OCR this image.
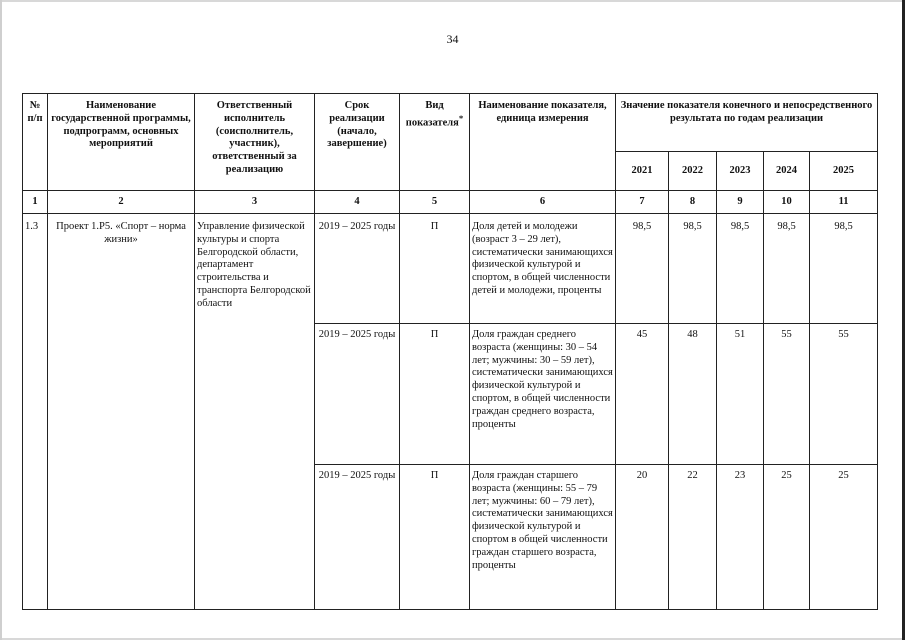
34
№ п/п	Наименование государственной программы, подпрограмм, основных мероприятий	Ответственный исполнитель (соисполнитель, участник), ответственный за реализацию	Срок реализации (начало, завершение)	Вид показателя*	Наименование показателя, единица измерения	Значение показателя конечного и непосредственного результата по годам реализации				
						2021	2022	2023	2024	2025
1	2	3	4	5	6	7	8	9	10	11
1.3	Проект 1.Р5. «Спорт – норма жизни»	Управление физической культуры и спорта Белгородской области, департамент строительства и транспорта Белгородской области	2019 – 2025 годы	П	Доля детей и молодежи (возраст 3 – 29 лет), систематически занимающихся физической культурой и спортом, в общей численности детей и молодежи, проценты	98,5	98,5	98,5	98,5	98,5
			2019 – 2025 годы	П	Доля граждан среднего возраста (женщины: 30 – 54 лет; мужчины: 30 – 59 лет), систематически занимающихся физической культурой и спортом, в общей численности граждан среднего возраста, проценты	45	48	51	55	55
			2019 – 2025 годы	П	Доля граждан старшего возраста (женщины: 55 – 79 лет; мужчины: 60 – 79 лет), систематически занимающихся физической культурой и спортом в общей численности граждан старшего возраста, проценты	20	22	23	25	25
